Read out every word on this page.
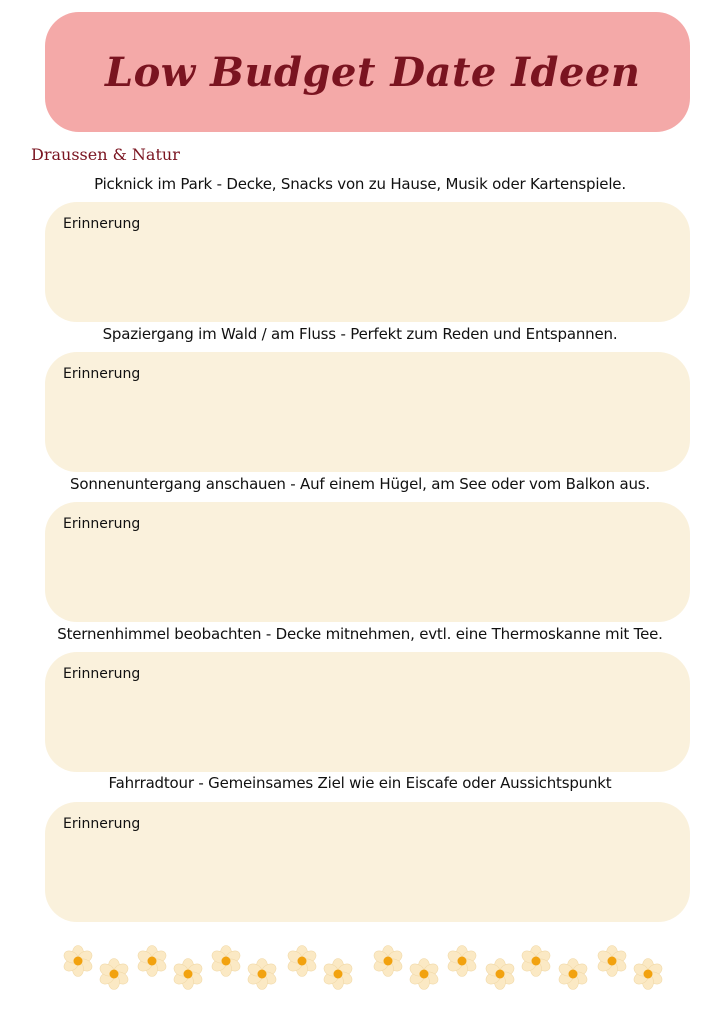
Low Budget Date Ideen
Draussen & Natur
Picknick im Park - Decke, Snacks von zu Hause, Musik oder Kartenspiele.
Erinnerung
Spaziergang im Wald / am Fluss - Perfekt zum Reden und Entspannen.
Erinnerung
Sonnenuntergang anschauen - Auf einem Hügel, am See oder vom Balkon aus.
Erinnerung
Sternenhimmel beobachten - Decke mitnehmen, evtl. eine Thermoskanne mit Tee.
Erinnerung
Fahrradtour - Gemeinsames Ziel wie ein Eiscafe oder Aussichtspunkt
Erinnerung
